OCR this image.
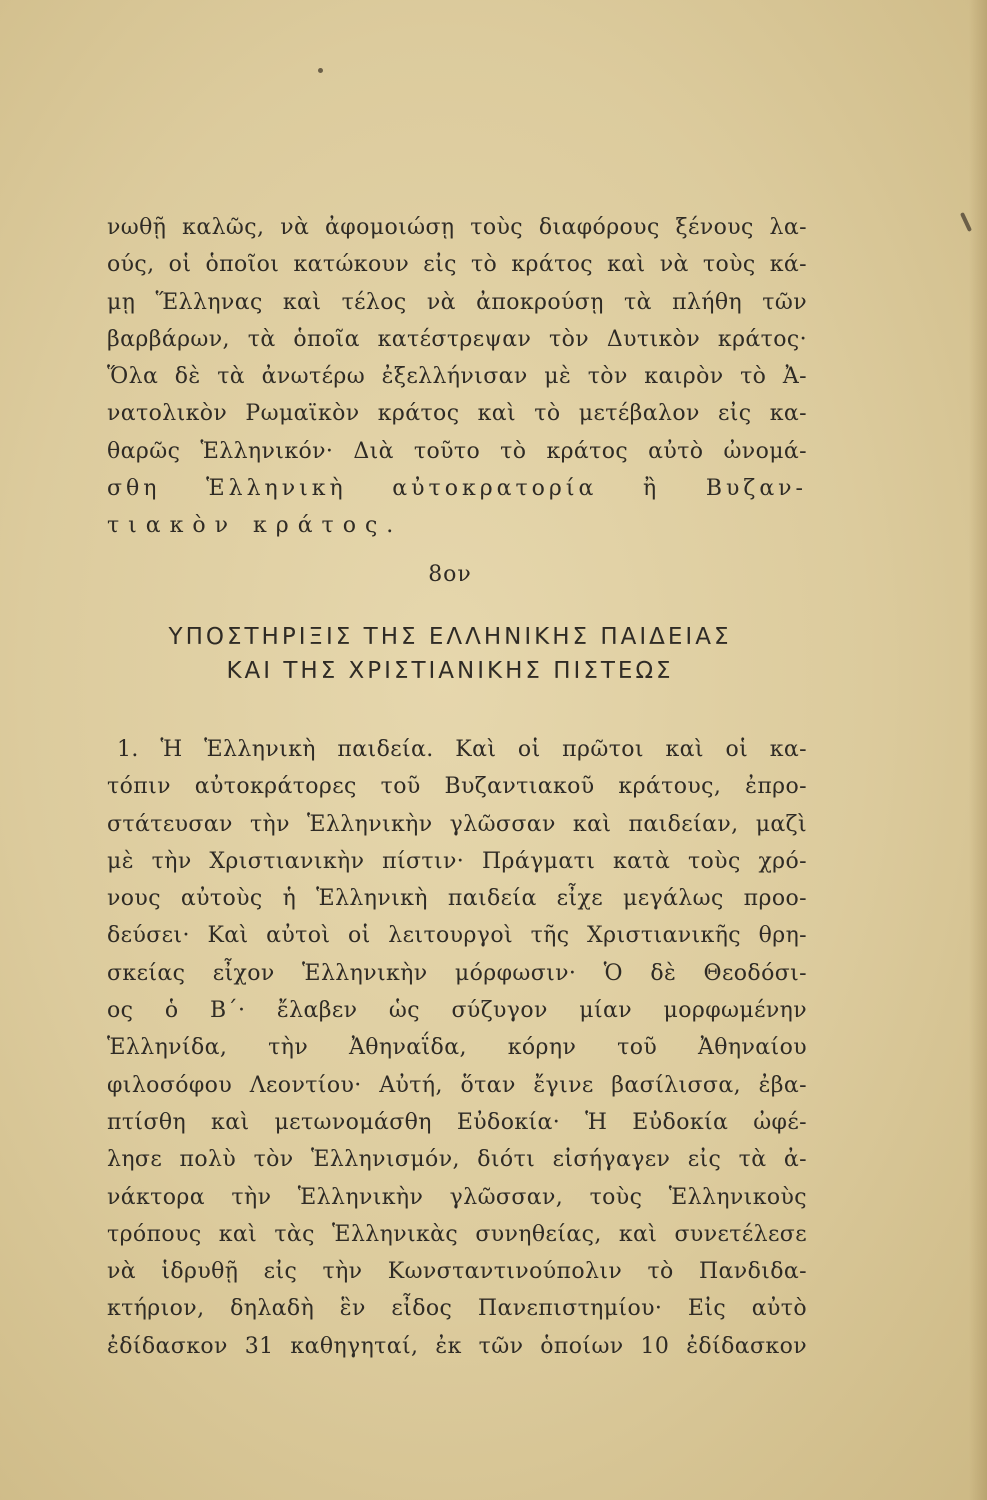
νωθῇ καλῶς, νὰ ἀφομοιώσῃ τοὺς διαφόρους ξένους λα-
ούς, οἱ ὁποῖοι κατώκουν εἰς τὸ κράτος καὶ νὰ τοὺς κά-
μῃ Ἕλληνας καὶ τέλος νὰ ἀποκρούσῃ τὰ πλήθη τῶν
βαρβάρων, τὰ ὁποῖα κατέστρεψαν τὸν Δυτικὸν κράτος·
Ὅλα δὲ τὰ ἀνωτέρω ἐξελλήνισαν μὲ τὸν καιρὸν τὸ Ἀ-
νατολικὸν Ρωμαϊκὸν κράτος καὶ τὸ μετέβαλον εἰς κα-
θαρῶς Ἑλληνικόν· Διὰ τοῦτο τὸ κράτος αὐτὸ ὠνομά-
σθη Ἑλληνικὴ αὐτοκρατορία ἢ Βυζαν-
τιακὸν κράτος.
8ον
ΥΠΟΣΤΗΡΙΞΙΣ ΤΗΣ ΕΛΛΗΝΙΚΗΣ ΠΑΙΔΕΙΑΣ
ΚΑΙ ΤΗΣ ΧΡΙΣΤΙΑΝΙΚΗΣ ΠΙΣΤΕΩΣ
1. Ἡ Ἑλληνικὴ παιδεία. Καὶ οἱ πρῶτοι καὶ οἱ κα-
τόπιν αὐτοκράτορες τοῦ Βυζαντιακοῦ κράτους, ἐπρο-
στάτευσαν τὴν Ἑλληνικὴν γλῶσσαν καὶ παιδείαν, μαζὶ
μὲ τὴν Χριστιανικὴν πίστιν· Πράγματι κατὰ τοὺς χρό-
νους αὐτοὺς ἡ Ἑλληνικὴ παιδεία εἶχε μεγάλως προο-
δεύσει· Καὶ αὐτοὶ οἱ λειτουργοὶ τῆς Χριστιανικῆς θρη-
σκείας εἶχον Ἑλληνικὴν μόρφωσιν· Ὁ δὲ Θεοδόσι-
ος ὁ Β΄· ἔλαβεν ὡς σύζυγον μίαν μορφωμένην
Ἑλληνίδα, τὴν Ἀθηναΐδα, κόρην τοῦ Ἀθηναίου
φιλοσόφου Λεοντίου· Αὐτή, ὅταν ἔγινε βασίλισσα, ἐβα-
πτίσθη καὶ μετωνομάσθη Εὐδοκία· Ἡ Εὐδοκία ὠφέ-
λησε πολὺ τὸν Ἑλληνισμόν, διότι εἰσήγαγεν εἰς τὰ ἀ-
νάκτορα τὴν Ἑλληνικὴν γλῶσσαν, τοὺς Ἑλληνικοὺς
τρόπους καὶ τὰς Ἑλληνικὰς συνηθείας, καὶ συνετέλεσε
νὰ ἱδρυθῇ εἰς τὴν Κωνσταντινούπολιν τὸ Πανδιδα-
κτήριον, δηλαδὴ ἓν εἶδος Πανεπιστημίου· Εἰς αὐτὸ
ἐδίδασκον 31 καθηγηταί, ἐκ τῶν ὁποίων 10 ἐδίδασκον
